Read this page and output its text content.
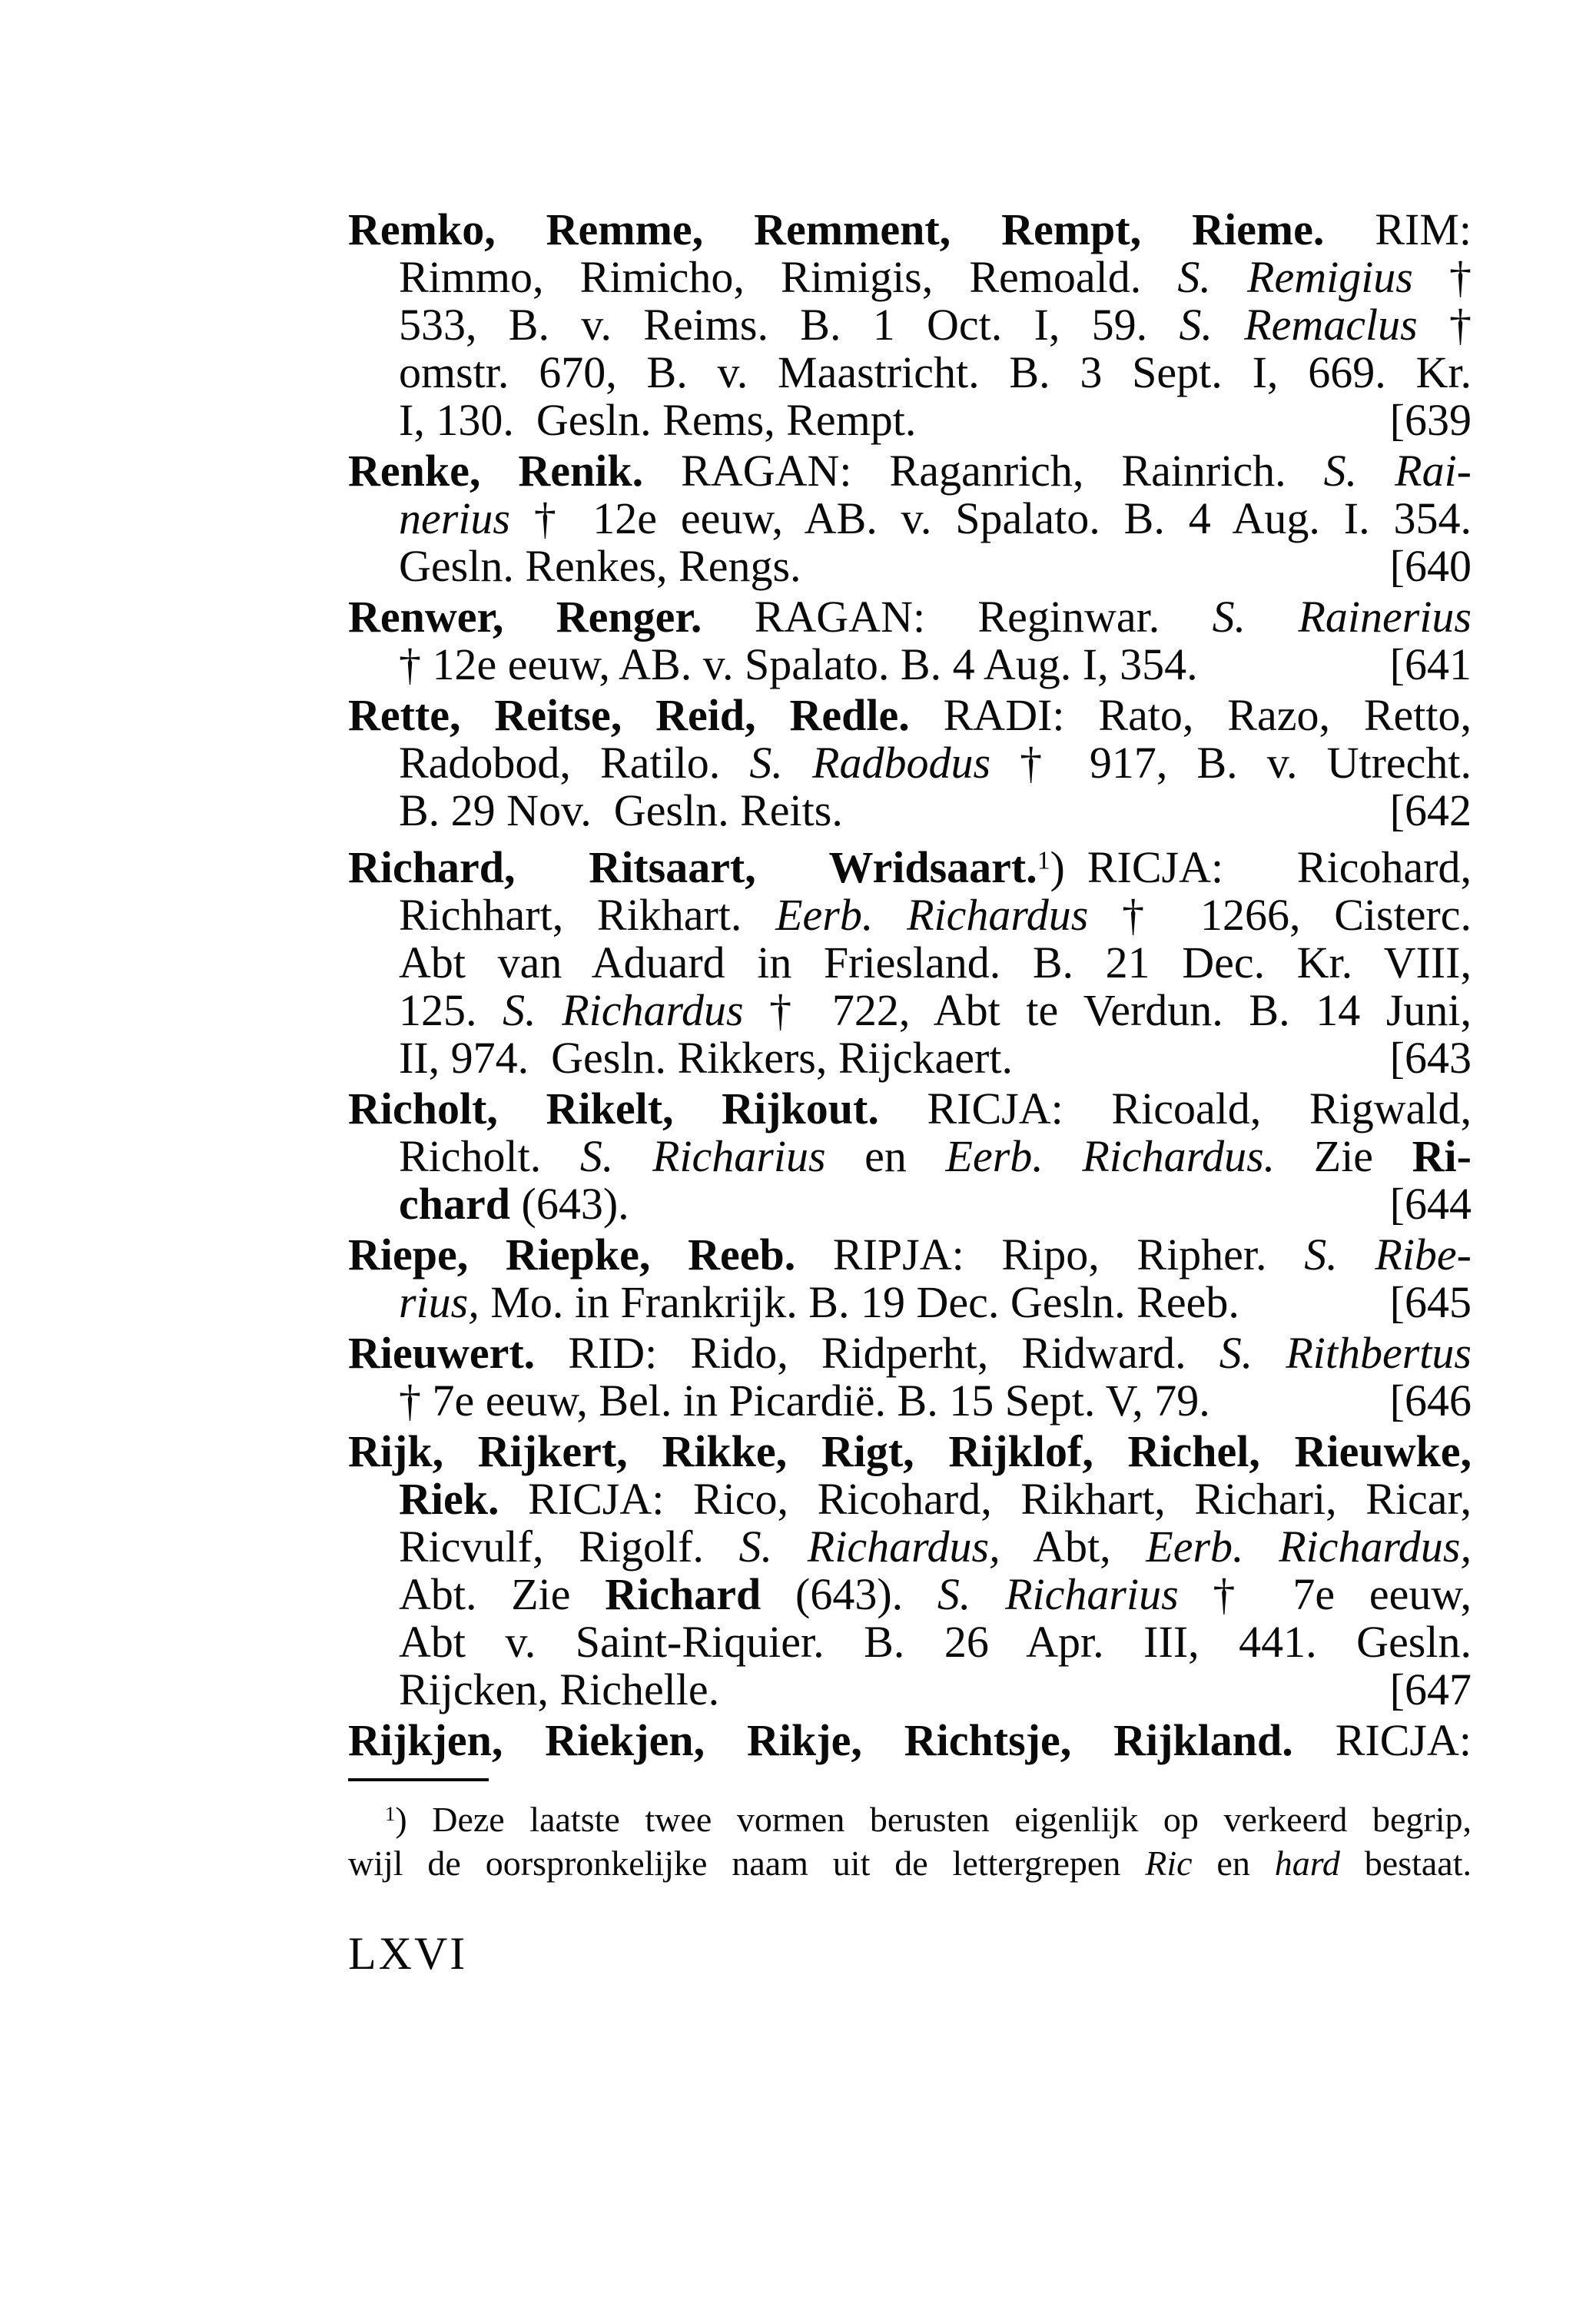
Remko, Remme, Remment, Rempt, Rieme. RIM:
Rimmo, Rimicho, Rimigis, Remoald. S. Remigius †
533, B. v. Reims. B. 1 Oct. I, 59. S. Remaclus †
omstr. 670, B. v. Maastricht. B. 3 Sept. I, 669. Kr.
I, 130. Gesln. Rems, Rempt.	[639
Renke, Renik. RAGAN: Raganrich, Rainrich. S. Rai-
nerius † 12e eeuw, AB. v. Spalato. B. 4 Aug. I. 354.
Gesln. Renkes, Rengs.	[640
Renwer, Renger. RAGAN: Reginwar. S. Rainerius
† 12e eeuw, AB. v. Spalato. B. 4 Aug. I, 354.	[641
Rette, Reitse, Reid, Redle. RADI: Rato, Razo, Retto,
Radobod, Ratilo. S. Radbodus † 917, B. v. Utrecht.
B. 29 Nov. Gesln. Reits.	[642
Richard, Ritsaart, Wridsaart.$^1$) RICJA: Ricohard,
Richhart, Rikhart. Eerb. Richardus † 1266, Cisterc.
Abt van Aduard in Friesland. B. 21 Dec. Kr. VIII,
125. S. Richardus † 722, Abt te Verdun. B. 14 Juni,
II, 974. Gesln. Rikkers, Rijckaert.	[643
Richolt, Rikelt, Rijkout. RICJA: Ricoald, Rigwald,
Richolt. S. Richarius en Eerb. Richardus. Zie Ri-
chard (643).	[644
Riepe, Riepke, Reeb. RIPJA: Ripo, Ripher. S. Ribe-
rius, Mo. in Frankrijk. B. 19 Dec. Gesln. Reeb.	[645
Rieuwert. RID: Rido, Ridperht, Ridward. S. Rithbertus
† 7e eeuw, Bel. in Picardië. B. 15 Sept. V, 79.	[646
Rijk, Rijkert, Rikke, Rigt, Rijklof, Richel, Rieuwke,
Riek. RICJA: Rico, Ricohard, Rikhart, Richari, Ricar,
Ricvulf, Rigolf. S. Richardus, Abt, Eerb. Richardus,
Abt. Zie Richard (643). S. Richarius † 7e eeuw,
Abt v. Saint-Riquier. B. 26 Apr. III, 441. Gesln.
Rijcken, Richelle.	[647
Rijkjen, Riekjen, Rikje, Richtsje, Rijkland. RICJA:
$^1$) Deze laatste twee vormen berusten eigenlijk op verkeerd begrip,
wijl de oorspronkelijke naam uit de lettergrepen Ric en hard bestaat.
LXVI
